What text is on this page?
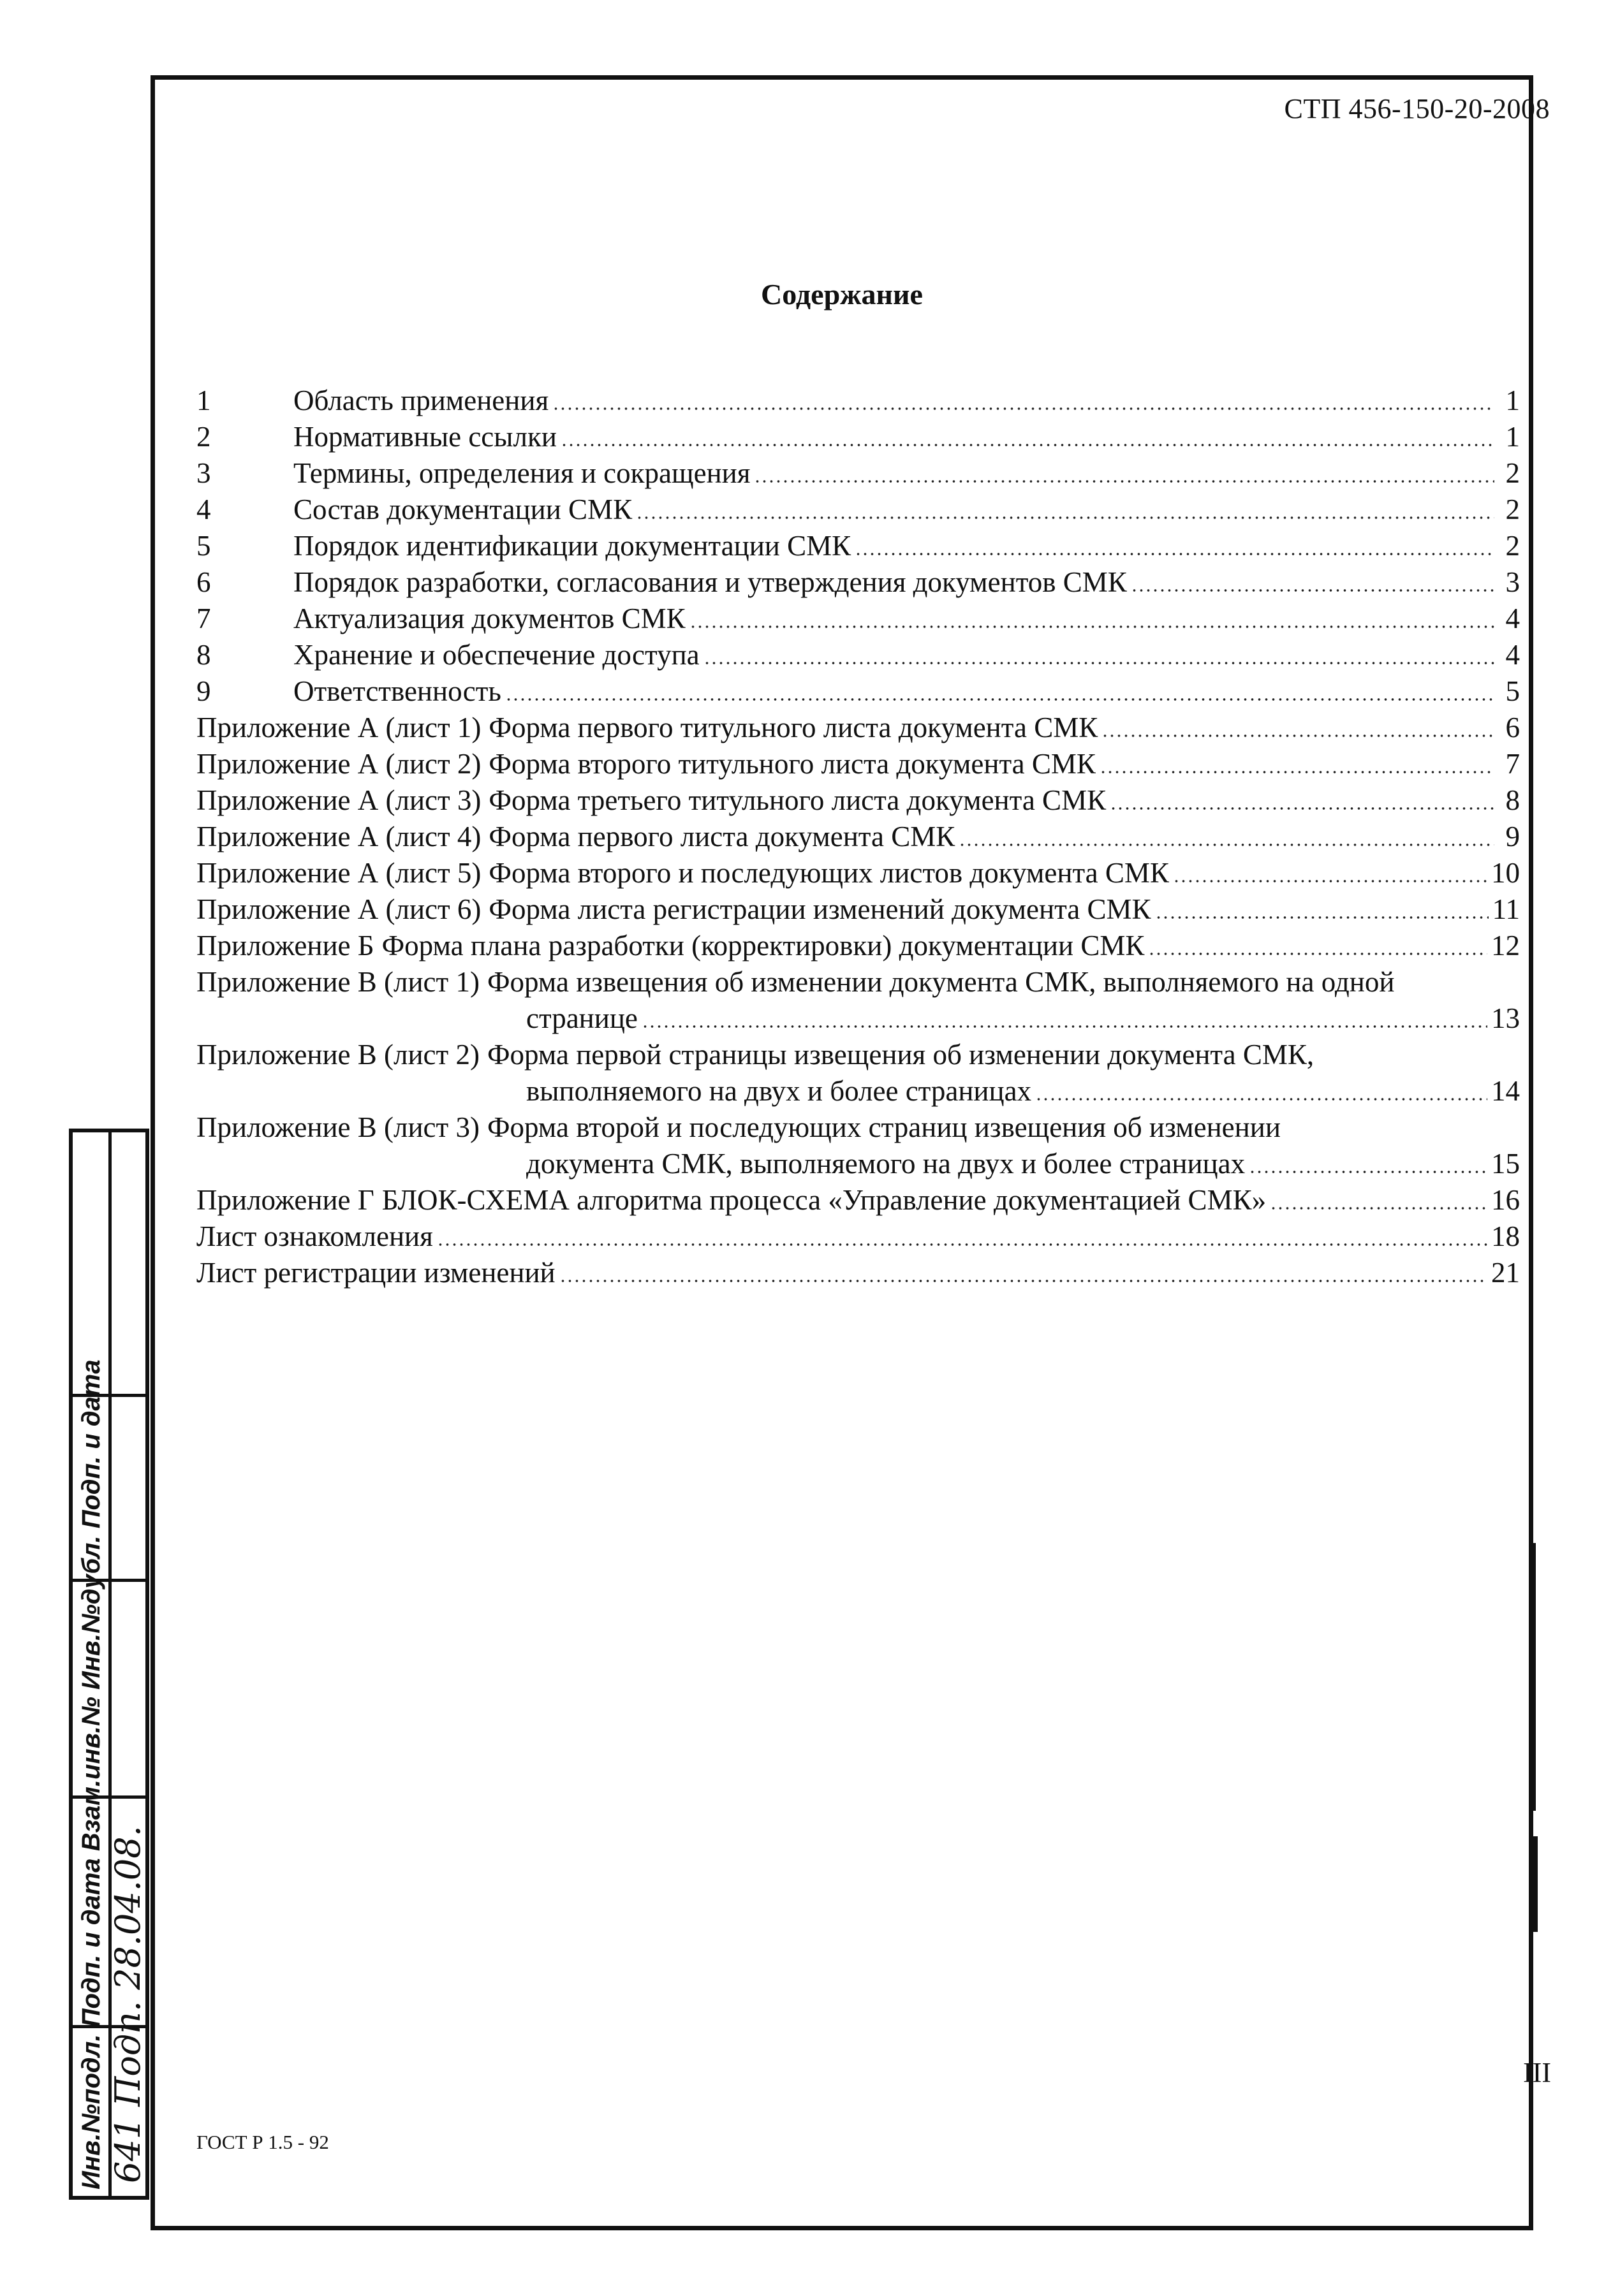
СТП 456-150-20-2008
Содержание
1	Область применения	1
2	Нормативные ссылки	1
3	Термины, определения и сокращения	2
4	Состав документации СМК	2
5	Порядок идентификации документации СМК	2
6	Порядок разработки, согласования и утверждения документов СМК	3
7	Актуализация документов СМК	4
8	Хранение и обеспечение доступа	4
9	Ответственность	5
Приложение А (лист 1) Форма первого титульного листа документа СМК	6
Приложение А (лист 2) Форма второго титульного листа документа СМК	7
Приложение А (лист 3) Форма третьего титульного листа документа СМК	8
Приложение А (лист 4) Форма первого листа документа СМК	9
Приложение А (лист 5) Форма второго и последующих листов документа СМК	10
Приложение А (лист 6) Форма листа регистрации изменений документа СМК	11
Приложение Б Форма плана разработки (корректировки) документации СМК	12
Приложение В (лист 1) Форма извещения об изменении документа СМК, выполняемого на одной
странице	13
Приложение В (лист 2) Форма первой страницы извещения об изменении документа СМК,
выполняемого на двух и более страницах	14
Приложение В (лист 3) Форма второй и последующих страниц извещения об изменении
документа СМК, выполняемого на двух и более страницах	15
Приложение Г БЛОК-СХЕМА алгоритма процесса «Управление документацией СМК»	16
Лист ознакомления	18
Лист регистрации изменений	21
III
ГОСТ Р 1.5 - 92
Инв.№подл. Подп. и дата Взам.инв.№ Инв.№дубл. Подп. и дата 641 Подп. 28.04.08.
